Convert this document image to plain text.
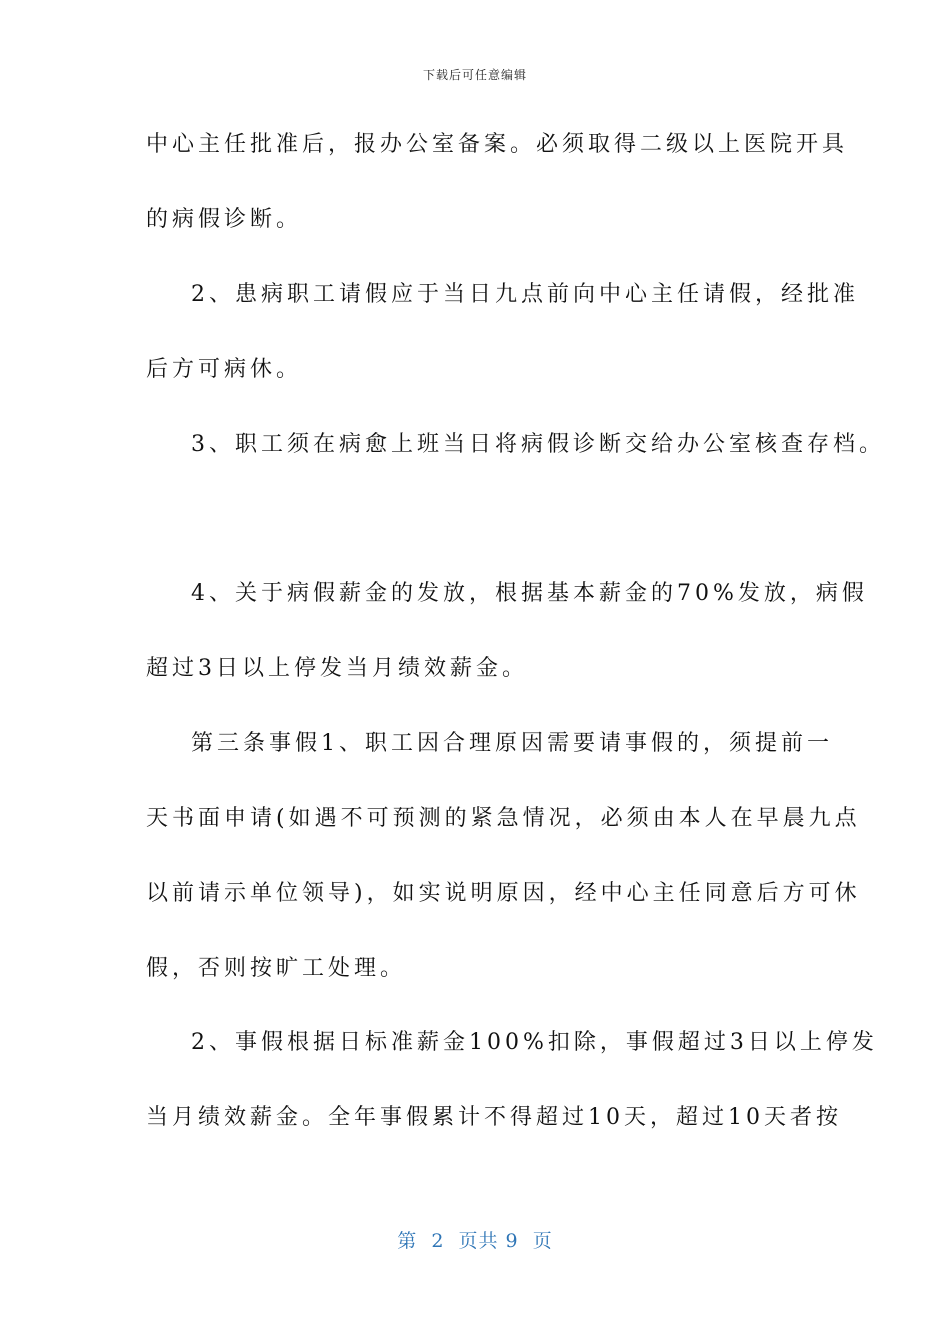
下载后可任意编辑
中心主任批准后，报办公室备案。必须取得二级以上医院开具
的病假诊断。
2、患病职工请假应于当日九点前向中心主任请假，经批准
后方可病休。
3、职工须在病愈上班当日将病假诊断交给办公室核查存档。
4、关于病假薪金的发放，根据基本薪金的70%发放，病假
超过3日以上停发当月绩效薪金。
第三条事假1、职工因合理原因需要请事假的，须提前一
天书面申请(如遇不可预测的紧急情况，必须由本人在早晨九点
以前请示单位领导)，如实说明原因，经中心主任同意后方可休
假，否则按旷工处理。
2、事假根据日标准薪金100%扣除，事假超过3日以上停发
当月绩效薪金。全年事假累计不得超过10天，超过10天者按
第  2  页共 9  页
